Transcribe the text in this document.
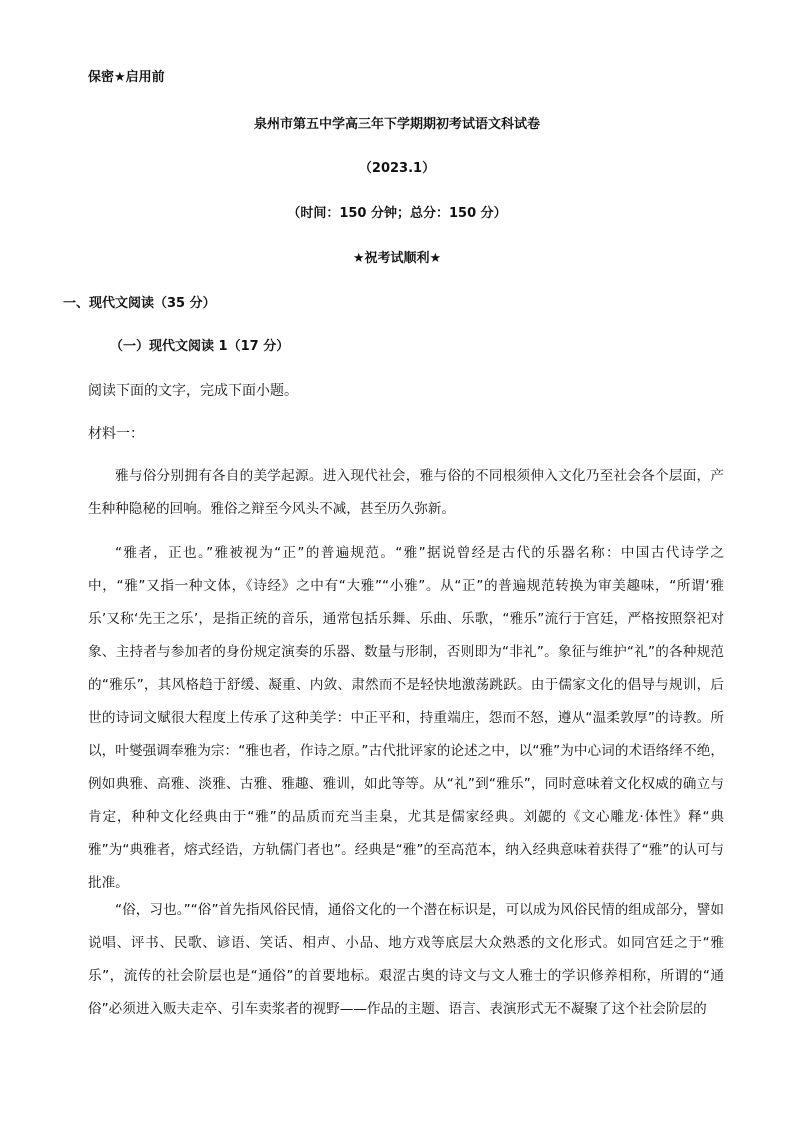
保密★启用前

泉州市第五中学高三年下学期期初考试语文科试卷

（2023.1）

（时间：150 分钟；总分：150 分）

★祝考试顺利★

一、现代文阅读（35 分）

（一）现代文阅读 1（17 分）

阅读下面的文字，完成下面小题。

材料一：

雅与俗分别拥有各自的美学起源。进入现代社会，雅与俗的不同根须伸入文化乃至社会各个层面，产生种种隐秘的回响。雅俗之辩至今风头不减，甚至历久弥新。

“雅者，正也。”雅被视为“正”的普遍规范。“雅”据说曾经是古代的乐器名称：中国古代诗学之中，“雅”又指一种文体，《诗经》之中有“大雅”“小雅”。从“正”的普遍规范转换为审美趣味，“所谓‘雅乐’又称‘先王之乐’，是指正统的音乐，通常包括乐舞、乐曲、乐歌，“雅乐”流行于宫廷，严格按照祭祀对象、主持者与参加者的身份规定演奏的乐器、数量与形制，否则即为“非礼”。象征与维护“礼”的各种规范的“雅乐”，其风格趋于舒缓、凝重、内敛、肃然而不是轻快地激荡跳跃。由于儒家文化的倡导与规训，后世的诗词文赋很大程度上传承了这种美学：中正平和，持重端庄，怨而不怒，遵从“温柔敦厚”的诗教。所以，叶燮强调奉雅为宗：“雅也者，作诗之原。”古代批评家的论述之中，以“雅”为中心词的术语络绎不绝，例如典雅、高雅、淡雅、古雅、雅趣、雅训，如此等等。从“礼”到“雅乐”，同时意味着文化权威的确立与肯定，种种文化经典由于“雅”的品质而充当圭臬，尤其是儒家经典。刘勰的《文心雕龙·体性》释“典雅”为“典雅者，熔式经诰，方轨儒门者也”。经典是“雅”的至高范本，纳入经典意味着获得了“雅”的认可与批准。

“俗，习也。”“俗”首先指风俗民情，通俗文化的一个潜在标识是，可以成为风俗民情的组成部分，譬如说唱、评书、民歌、谚语、笑话、相声、小品、地方戏等底层大众熟悉的文化形式。如同宫廷之于“雅乐”，流传的社会阶层也是“通俗”的首要地标。艰涩古奥的诗文与文人雅士的学识修养相称，所谓的“通俗”必须进入贩夫走卒、引车卖浆者的视野——作品的主题、语言、表演形式无不凝聚了这个社会阶层的
